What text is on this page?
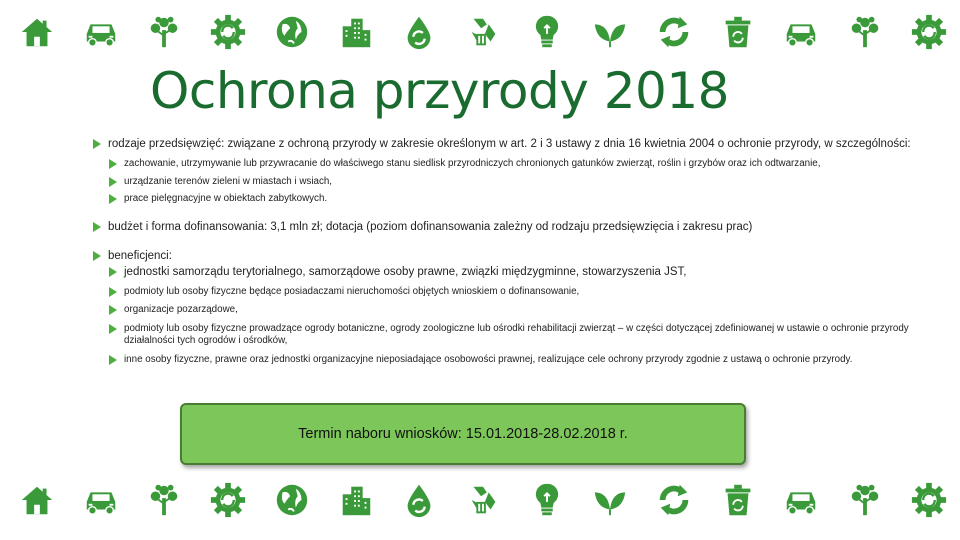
Ochrona przyrody 2018
rodzaje przedsięwzięć: związane z ochroną przyrody w zakresie określonym w art. 2 i 3 ustawy z dnia 16 kwietnia 2004 o ochronie przyrody, w szczególności:
zachowanie, utrzymywanie lub przywracanie do właściwego stanu siedlisk przyrodniczych chronionych gatunków zwierząt, roślin i grzybów oraz ich odtwarzanie,
urządzanie terenów zieleni w miastach i wsiach,
prace pielęgnacyjne w obiektach zabytkowych.
budżet i forma dofinansowania: 3,1 mln zł; dotacja (poziom dofinansowania zależny od rodzaju przedsięwzięcia i zakresu prac)
beneficjenci:
jednostki samorządu terytorialnego, samorządowe osoby prawne, związki międzygminne, stowarzyszenia JST,
podmioty lub osoby fizyczne będące posiadaczami nieruchomości objętych wnioskiem o dofinansowanie,
organizacje pozarządowe,
podmioty lub osoby fizyczne prowadzące ogrody botaniczne, ogrody zoologiczne lub ośrodki rehabilitacji zwierząt – w części dotyczącej zdefiniowanej w ustawie o ochronie przyrody działalności tych ogrodów i ośrodków,
inne osoby fizyczne, prawne oraz jednostki organizacyjne nieposiadające osobowości prawnej, realizujące cele ochrony przyrody zgodnie z ustawą o ochronie przyrody.
Termin naboru wniosków: 15.01.2018-28.02.2018 r.
